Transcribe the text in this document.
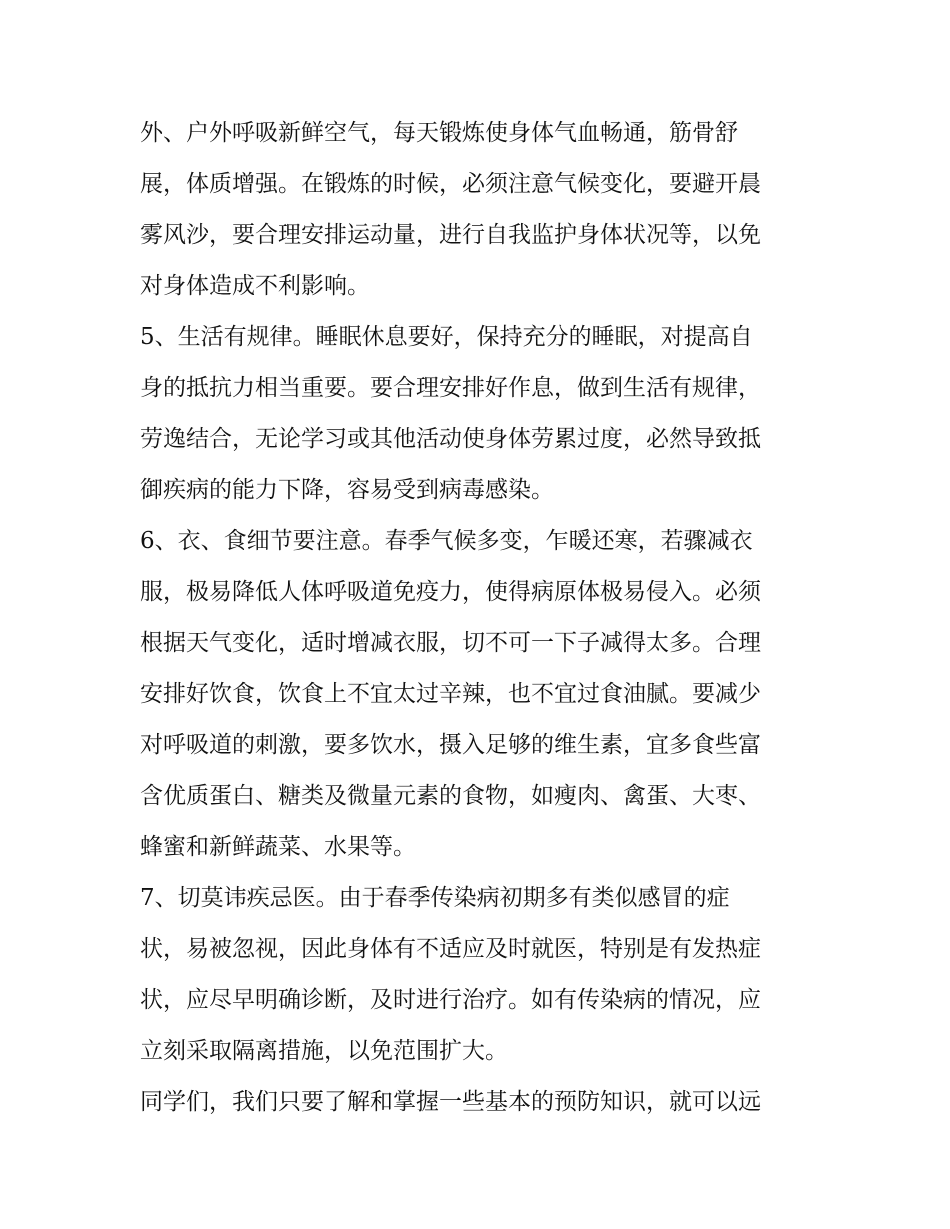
外、户外呼吸新鲜空气，每天锻炼使身体气血畅通，筋骨舒
展，体质增强。在锻炼的时候，必须注意气候变化，要避开晨
雾风沙，要合理安排运动量，进行自我监护身体状况等，以免
对身体造成不利影响。
5、生活有规律。睡眠休息要好，保持充分的睡眠，对提高自
身的抵抗力相当重要。要合理安排好作息，做到生活有规律，
劳逸结合，无论学习或其他活动使身体劳累过度，必然导致抵
御疾病的能力下降，容易受到病毒感染。
6、衣、食细节要注意。春季气候多变，乍暖还寒，若骤减衣
服，极易降低人体呼吸道免疫力，使得病原体极易侵入。必须
根据天气变化，适时增减衣服，切不可一下子减得太多。合理
安排好饮食，饮食上不宜太过辛辣，也不宜过食油腻。要减少
对呼吸道的刺激，要多饮水，摄入足够的维生素，宜多食些富
含优质蛋白、糖类及微量元素的食物，如瘦肉、禽蛋、大枣、
蜂蜜和新鲜蔬菜、水果等。
7、切莫讳疾忌医。由于春季传染病初期多有类似感冒的症
状，易被忽视，因此身体有不适应及时就医，特别是有发热症
状，应尽早明确诊断，及时进行治疗。如有传染病的情况，应
立刻采取隔离措施，以免范围扩大。
同学们，我们只要了解和掌握一些基本的预防知识，就可以远
